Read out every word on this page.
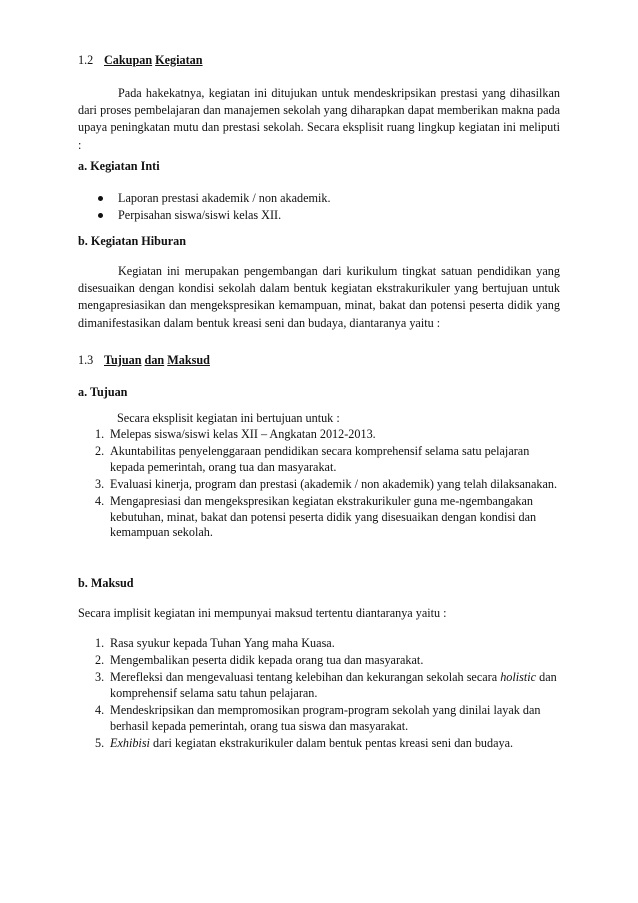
1.2 Cakupan Kegiatan

Pada hakekatnya, kegiatan ini ditujukan untuk mendeskripsikan prestasi yang dihasilkan dari proses pembelajaran dan manajemen sekolah yang diharapkan dapat memberikan makna pada upaya peningkatan mutu dan prestasi sekolah. Secara eksplisit ruang lingkup kegiatan ini meliputi :

a. Kegiatan Inti
Laporan prestasi akademik / non akademik.
Perpisahan siswa/siswi kelas XII.
b. Kegiatan Hiburan

Kegiatan ini merupakan pengembangan dari kurikulum tingkat satuan pendidikan yang disesuaikan dengan kondisi sekolah dalam bentuk kegiatan ekstrakurikuler yang bertujuan untuk mengapresiasikan dan mengekspresikan kemampuan, minat, bakat dan potensi peserta didik yang dimanifestasikan dalam bentuk kreasi seni dan budaya, diantaranya yaitu :

1.3 Tujuan dan Maksud
a. Tujuan
Secara eksplisit kegiatan ini bertujuan untuk :
1. Melepas siswa/siswi kelas XII – Angkatan 2012-2013.
2. Akuntabilitas penyelenggaraan pendidikan secara komprehensif selama satu pelajaran kepada pemerintah, orang tua dan masyarakat.
3. Evaluasi kinerja, program dan prestasi (akademik / non akademik) yang telah dilaksanakan.
4. Mengapresiasi dan mengekspresikan kegiatan ekstrakurikuler guna me-ngembangakan kebutuhan, minat, bakat dan potensi peserta didik yang disesuaikan dengan kondisi dan kemampuan sekolah.
b. Maksud
Secara implisit kegiatan ini mempunyai maksud tertentu diantaranya yaitu :
1. Rasa syukur kepada Tuhan Yang maha Kuasa.
2. Mengembalikan peserta didik kepada orang tua dan masyarakat.
3. Merefleksi dan mengevaluasi tentang kelebihan dan kekurangan sekolah secara holistic dan komprehensif selama satu tahun pelajaran.
4. Mendeskripsikan dan mempromosikan program-program sekolah yang dinilai layak dan berhasil kepada pemerintah, orang tua siswa dan masyarakat.
5. Exhibisi dari kegiatan ekstrakurikuler dalam bentuk pentas kreasi seni dan budaya.
